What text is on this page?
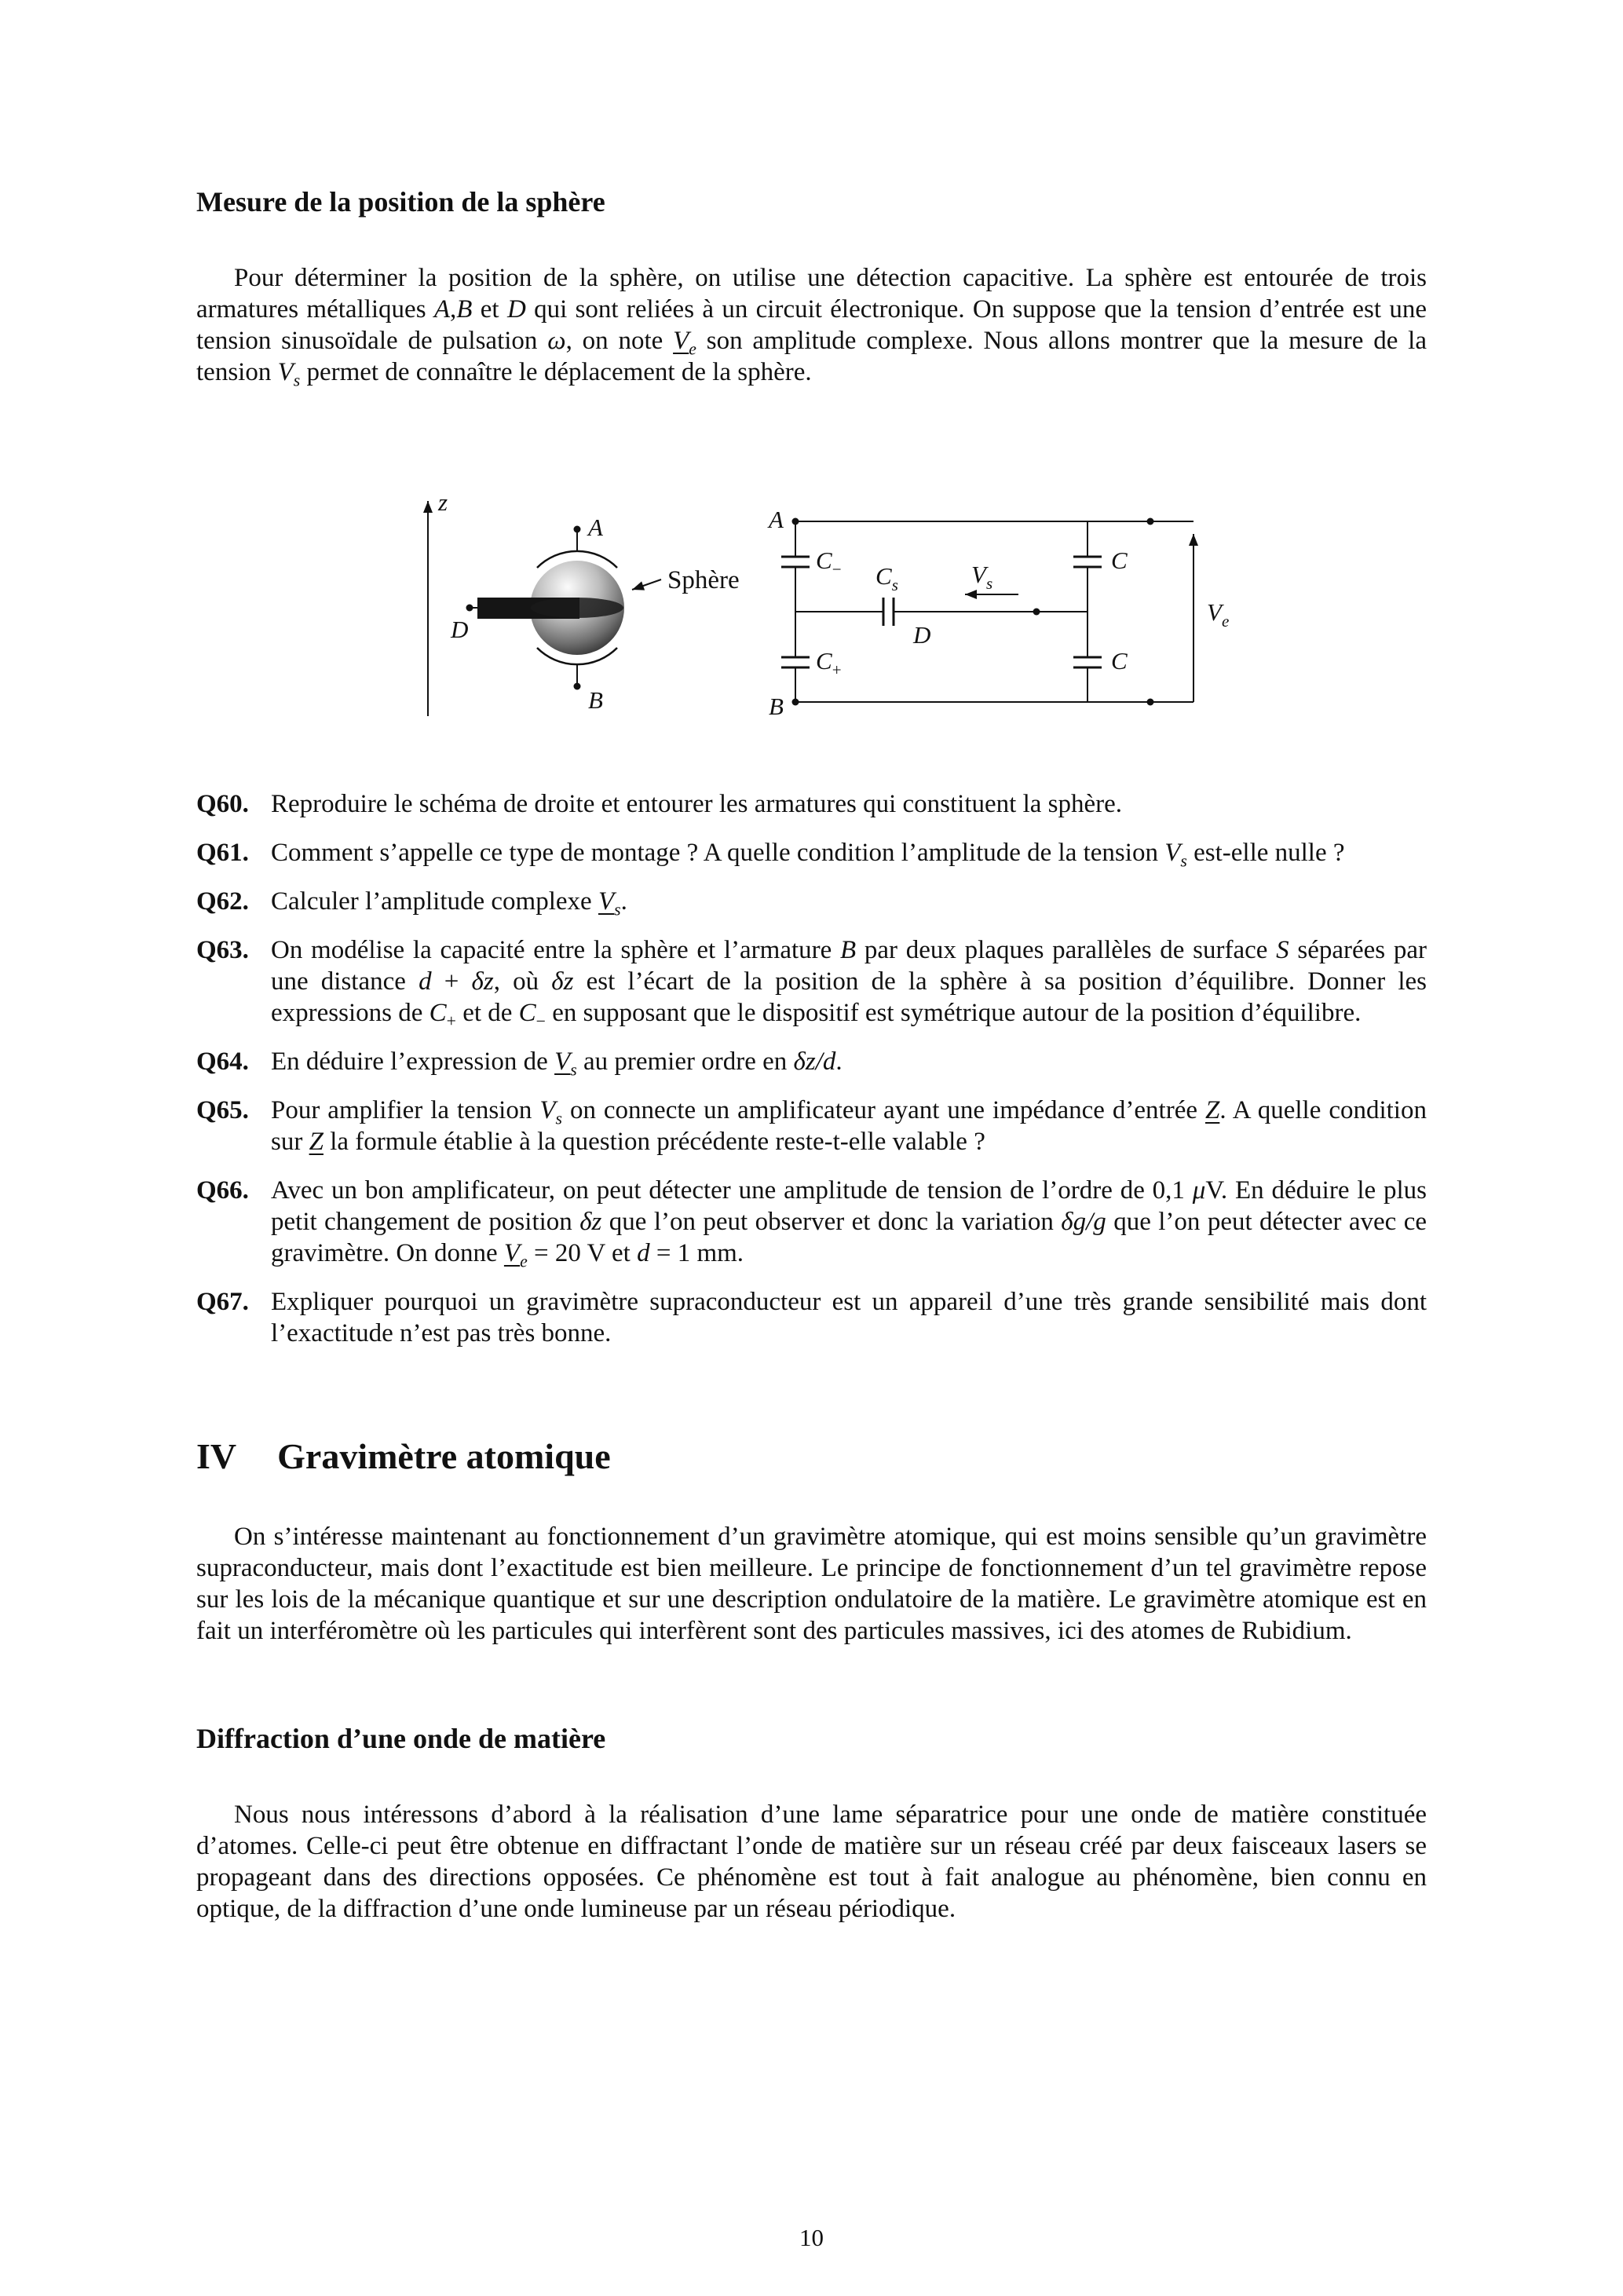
Mesure de la position de la sphère

Pour déterminer la position de la sphère, on utilise une détection capacitive. La sphère est entourée de trois armatures métalliques A,B et D qui sont reliées à un circuit électronique. On suppose que la tension d’entrée est une tension sinusoïdale de pulsation ω, on note $V_e$ son amplitude complexe. Nous allons montrer que la mesure de la tension $V_s$ permet de connaître le déplacement de la sphère.

z
D
A
B
Sphère
$C_-$
$C_+$
$C_s$
D
$V_s$
C
C
A
B
$V_e$
Q60. Reproduire le schéma de droite et entourer les armatures qui constituent la sphère.
Q61. Comment s’appelle ce type de montage ? A quelle condition l’amplitude de la tension $V_s$ est-elle nulle ?
Q62. Calculer l’amplitude complexe $V_s$.
Q63. On modélise la capacité entre la sphère et l’armature B par deux plaques parallèles de surface S séparées par une distance d + δz, où δz est l’écart de la position de la sphère à sa position d’équilibre. Donner les expressions de $C_+$ et de $C_-$ en supposant que le dispositif est symétrique autour de la position d’équilibre.
Q64. En déduire l’expression de $V_s$ au premier ordre en δz/d.
Q65. Pour amplifier la tension $V_s$ on connecte un amplificateur ayant une impédance d’entrée Z. A quelle condition sur Z la formule établie à la question précédente reste-t-elle valable ?
Q66. Avec un bon amplificateur, on peut détecter une amplitude de tension de l’ordre de 0,1 μV. En déduire le plus petit changement de position δz que l’on peut observer et donc la variation δg/g que l’on peut détecter avec ce gravimètre. On donne $V_e = 20$ V et d = 1 mm.
Q67. Expliquer pourquoi un gravimètre supraconducteur est un appareil d’une très grande sensibilité mais dont l’exactitude n’est pas très bonne.
IV Gravimètre atomique

On s’intéresse maintenant au fonctionnement d’un gravimètre atomique, qui est moins sensible qu’un gravimètre supraconducteur, mais dont l’exactitude est bien meilleure. Le principe de fonctionnement d’un tel gravimètre repose sur les lois de la mécanique quantique et sur une description ondulatoire de la matière. Le gravimètre atomique est en fait un interféromètre où les particules qui interfèrent sont des particules massives, ici des atomes de Rubidium.

Diffraction d’une onde de matière

Nous nous intéressons d’abord à la réalisation d’une lame séparatrice pour une onde de matière constituée d’atomes. Celle-ci peut être obtenue en diffractant l’onde de matière sur un réseau créé par deux faisceaux lasers se propageant dans des directions opposées. Ce phénomène est tout à fait analogue au phénomène, bien connu en optique, de la diffraction d’une onde lumineuse par un réseau périodique.

10
